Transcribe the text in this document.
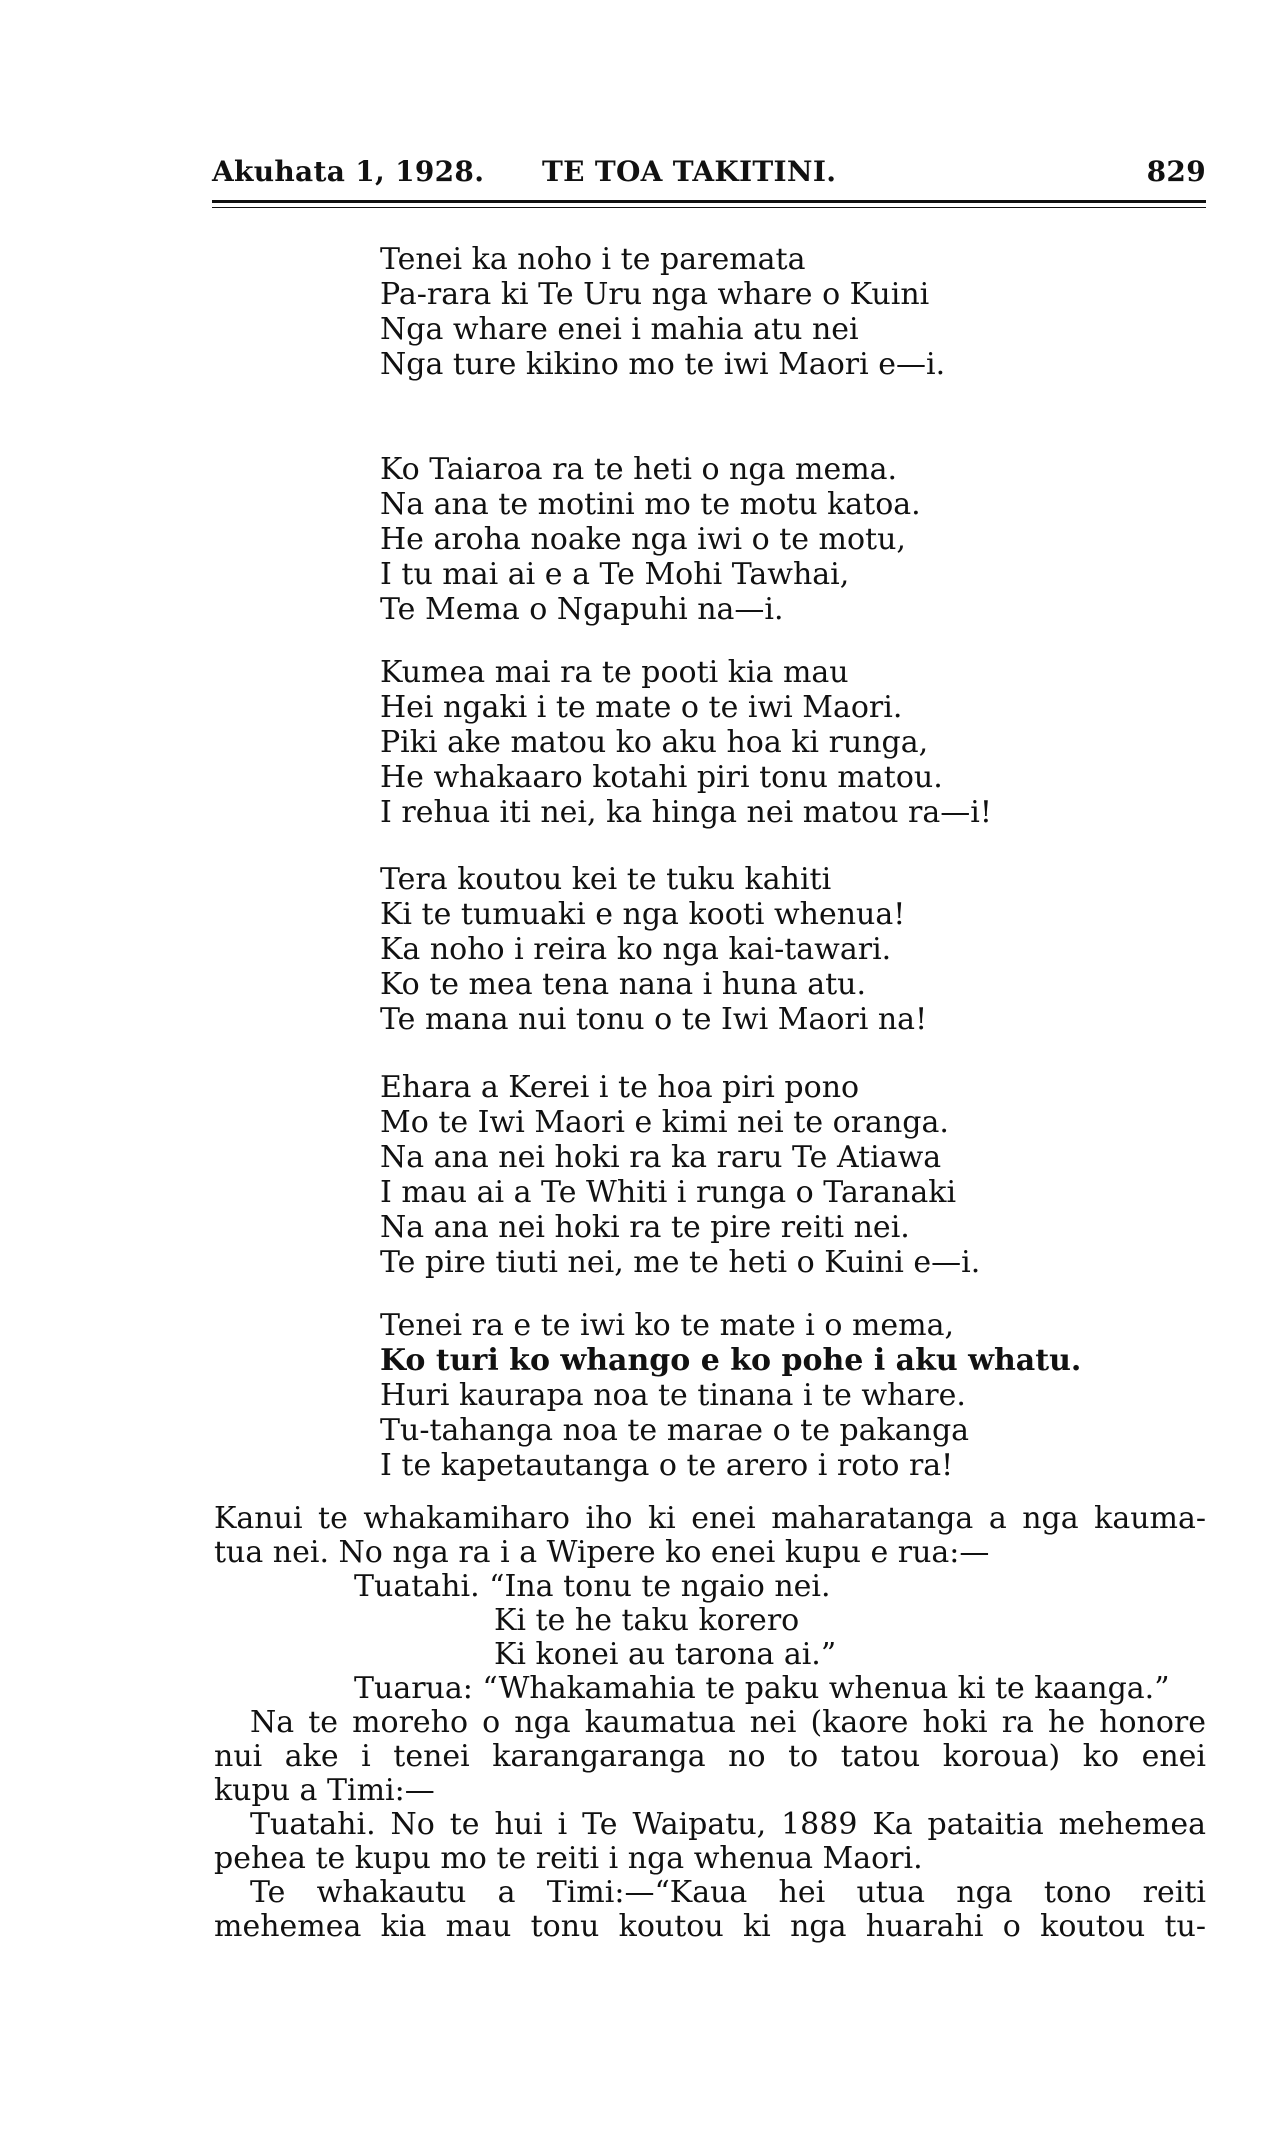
Akuhata 1, 1928. TE TOA TAKITINI.	829
Tenei ka noho i te paremata
Pa-rara ki Te Uru nga whare o Kuini
Nga whare enei i mahia atu nei
Nga ture kikino mo te iwi Maori e—i.
Ko Taiaroa ra te heti o nga mema.
Na ana te motini mo te motu katoa.
He aroha noake nga iwi o te motu,
I tu mai ai e a Te Mohi Tawhai,
Te Mema o Ngapuhi na—i.
Kumea mai ra te pooti kia mau
Hei ngaki i te mate o te iwi Maori.
Piki ake matou ko aku hoa ki runga,
He whakaaro kotahi piri tonu matou.
I rehua iti nei, ka hinga nei matou ra—i!
Tera koutou kei te tuku kahiti
Ki te tumuaki e nga kooti whenua!
Ka noho i reira ko nga kai-tawari.
Ko te mea tena nana i huna atu.
Te mana nui tonu o te Iwi Maori na!
Ehara a Kerei i te hoa piri pono
Mo te Iwi Maori e kimi nei te oranga.
Na ana nei hoki ra ka raru Te Atiawa
I mau ai a Te Whiti i runga o Taranaki
Na ana nei hoki ra te pire reiti nei.
Te pire tiuti nei, me te heti o Kuini e—i.
Tenei ra e te iwi ko te mate i o mema,
Ko turi ko whango e ko pohe i aku whatu.
Huri kaurapa noa te tinana i te whare.
Tu-tahanga noa te marae o te pakanga
I te kapetautanga o te arero i roto ra!
Kanui te whakamiharo iho ki enei maharatanga a nga kauma-
tua nei. No nga ra i a Wipere ko enei kupu e rua:—
Tuatahi. “Ina tonu te ngaio nei.
Ki te he taku korero
Ki konei au tarona ai.”
Tuarua: “Whakamahia te paku whenua ki te kaanga.”
Na te moreho o nga kaumatua nei (kaore hoki ra he honore
nui ake i tenei karangaranga no to tatou koroua) ko enei
kupu a Timi:—
Tuatahi. No te hui i Te Waipatu, 1889 Ka pataitia mehemea
pehea te kupu mo te reiti i nga whenua Maori.
Te whakautu a Timi:—“Kaua hei utua nga tono reiti
mehemea kia mau tonu koutou ki nga huarahi o koutou tu-
